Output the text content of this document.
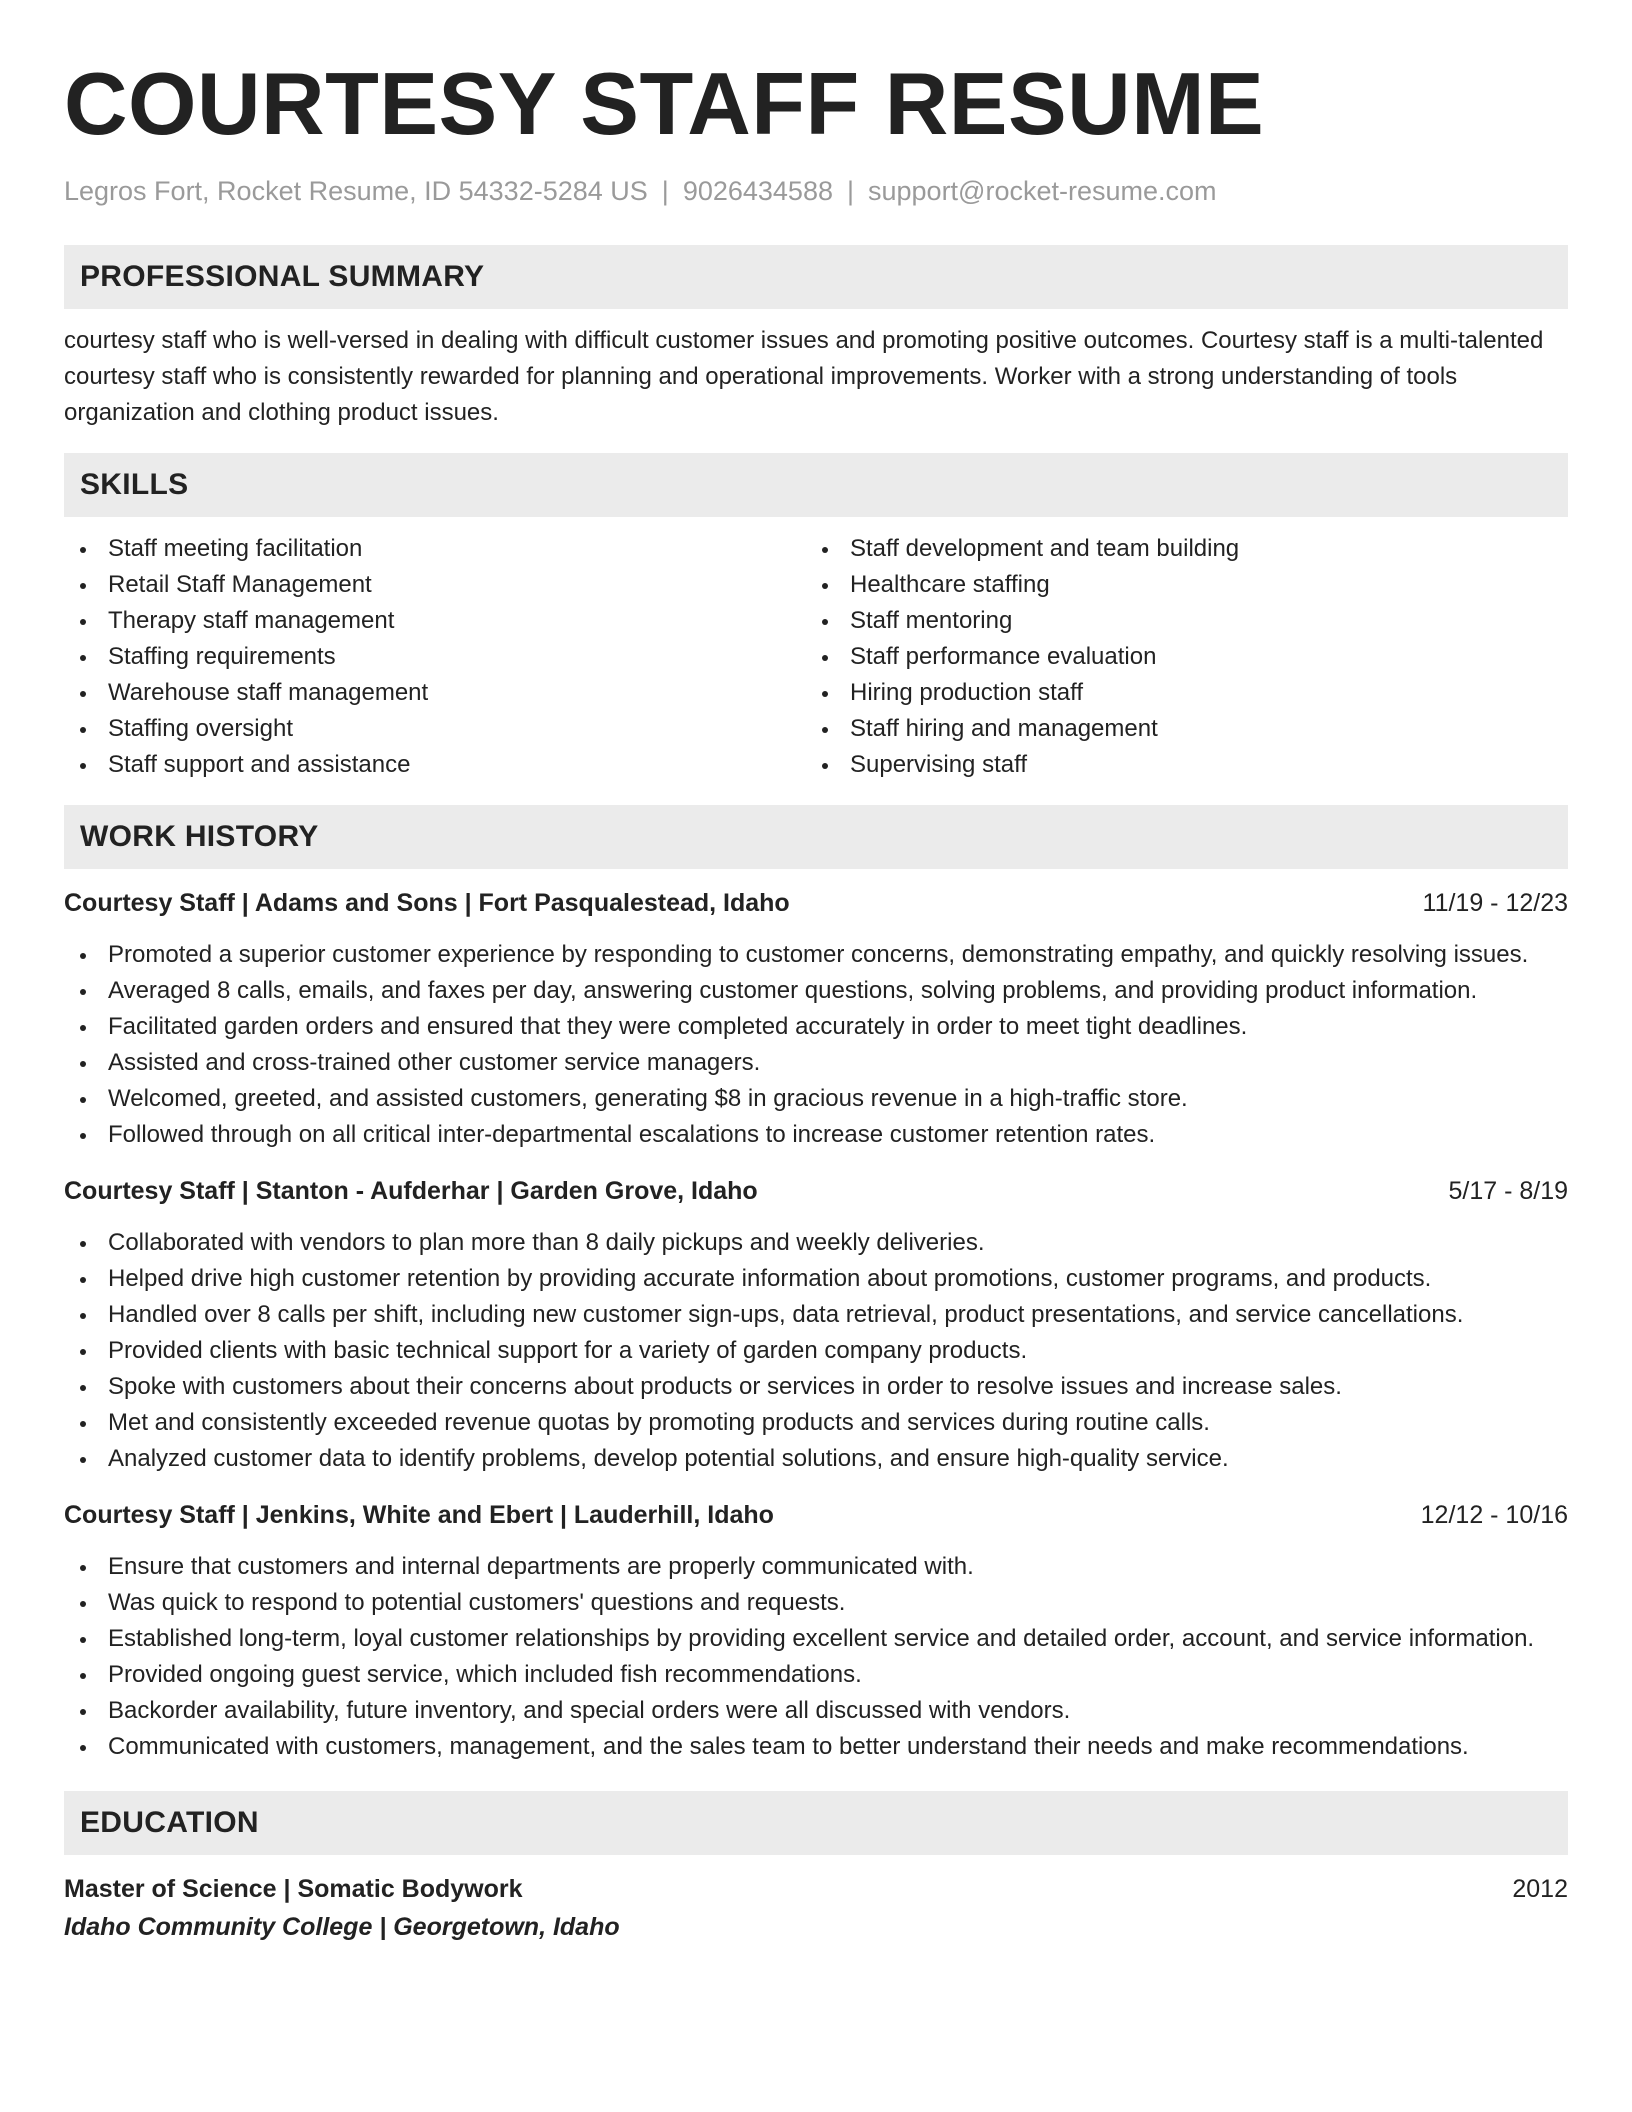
COURTESY STAFF RESUME
Legros Fort, Rocket Resume, ID 54332-5284 US | 9026434588 | support@rocket-resume.com
PROFESSIONAL SUMMARY

courtesy staff who is well-versed in dealing with difficult customer issues and promoting positive outcomes. Courtesy staff is a multi-talented courtesy staff who is consistently rewarded for planning and operational improvements. Worker with a strong understanding of tools organization and clothing product issues.

SKILLS
Staff meeting facilitation
Retail Staff Management
Therapy staff management
Staffing requirements
Warehouse staff management
Staffing oversight
Staff support and assistance
Staff development and team building
Healthcare staffing
Staff mentoring
Staff performance evaluation
Hiring production staff
Staff hiring and management
Supervising staff
WORK HISTORY
Courtesy Staff | Adams and Sons | Fort Pasqualestead, Idaho	11/19 - 12/23
Promoted a superior customer experience by responding to customer concerns, demonstrating empathy, and quickly resolving issues.
Averaged 8 calls, emails, and faxes per day, answering customer questions, solving problems, and providing product information.
Facilitated garden orders and ensured that they were completed accurately in order to meet tight deadlines.
Assisted and cross-trained other customer service managers.
Welcomed, greeted, and assisted customers, generating $8 in gracious revenue in a high-traffic store.
Followed through on all critical inter-departmental escalations to increase customer retention rates.
Courtesy Staff | Stanton - Aufderhar | Garden Grove, Idaho	5/17 - 8/19
Collaborated with vendors to plan more than 8 daily pickups and weekly deliveries.
Helped drive high customer retention by providing accurate information about promotions, customer programs, and products.
Handled over 8 calls per shift, including new customer sign-ups, data retrieval, product presentations, and service cancellations.
Provided clients with basic technical support for a variety of garden company products.
Spoke with customers about their concerns about products or services in order to resolve issues and increase sales.
Met and consistently exceeded revenue quotas by promoting products and services during routine calls.
Analyzed customer data to identify problems, develop potential solutions, and ensure high-quality service.
Courtesy Staff | Jenkins, White and Ebert | Lauderhill, Idaho	12/12 - 10/16
Ensure that customers and internal departments are properly communicated with.
Was quick to respond to potential customers' questions and requests.
Established long-term, loyal customer relationships by providing excellent service and detailed order, account, and service information.
Provided ongoing guest service, which included fish recommendations.
Backorder availability, future inventory, and special orders were all discussed with vendors.
Communicated with customers, management, and the sales team to better understand their needs and make recommendations.
EDUCATION
Master of Science | Somatic Bodywork	2012
Idaho Community College | Georgetown, Idaho
